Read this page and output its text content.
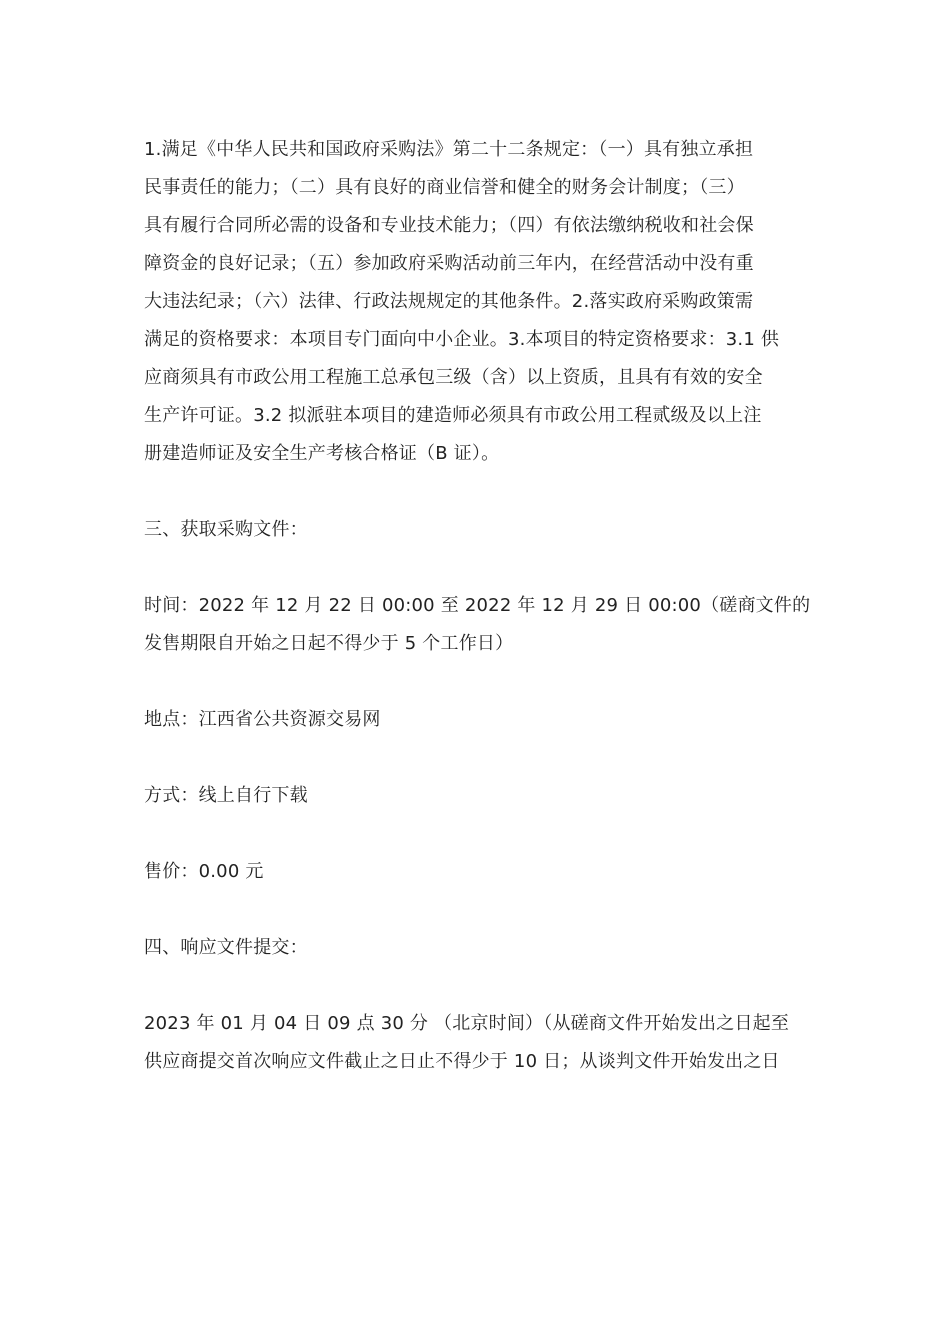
1.满足《中华人民共和国政府采购法》第二十二条规定：（一）具有独立承担
民事责任的能力；（二）具有良好的商业信誉和健全的财务会计制度；（三）
具有履行合同所必需的设备和专业技术能力；（四）有依法缴纳税收和社会保
障资金的良好记录；（五）参加政府采购活动前三年内，在经营活动中没有重
大违法纪录；（六）法律、行政法规规定的其他条件。2.落实政府采购政策需
满足的资格要求：本项目专门面向中小企业。3.本项目的特定资格要求：3.1 供
应商须具有市政公用工程施工总承包三级（含）以上资质，且具有有效的安全
生产许可证。3.2 拟派驻本项目的建造师必须具有市政公用工程贰级及以上注
册建造师证及安全生产考核合格证（B 证）。
三、获取采购文件：
时间：2022 年 12 月 22 日 00:00 至 2022 年 12 月 29 日 00:00（磋商文件的
发售期限自开始之日起不得少于 5 个工作日）
地点：江西省公共资源交易网
方式：线上自行下载
售价：0.00 元
四、响应文件提交：
2023 年 01 月 04 日 09 点 30 分 （北京时间）（从磋商文件开始发出之日起至
供应商提交首次响应文件截止之日止不得少于 10 日；从谈判文件开始发出之日
